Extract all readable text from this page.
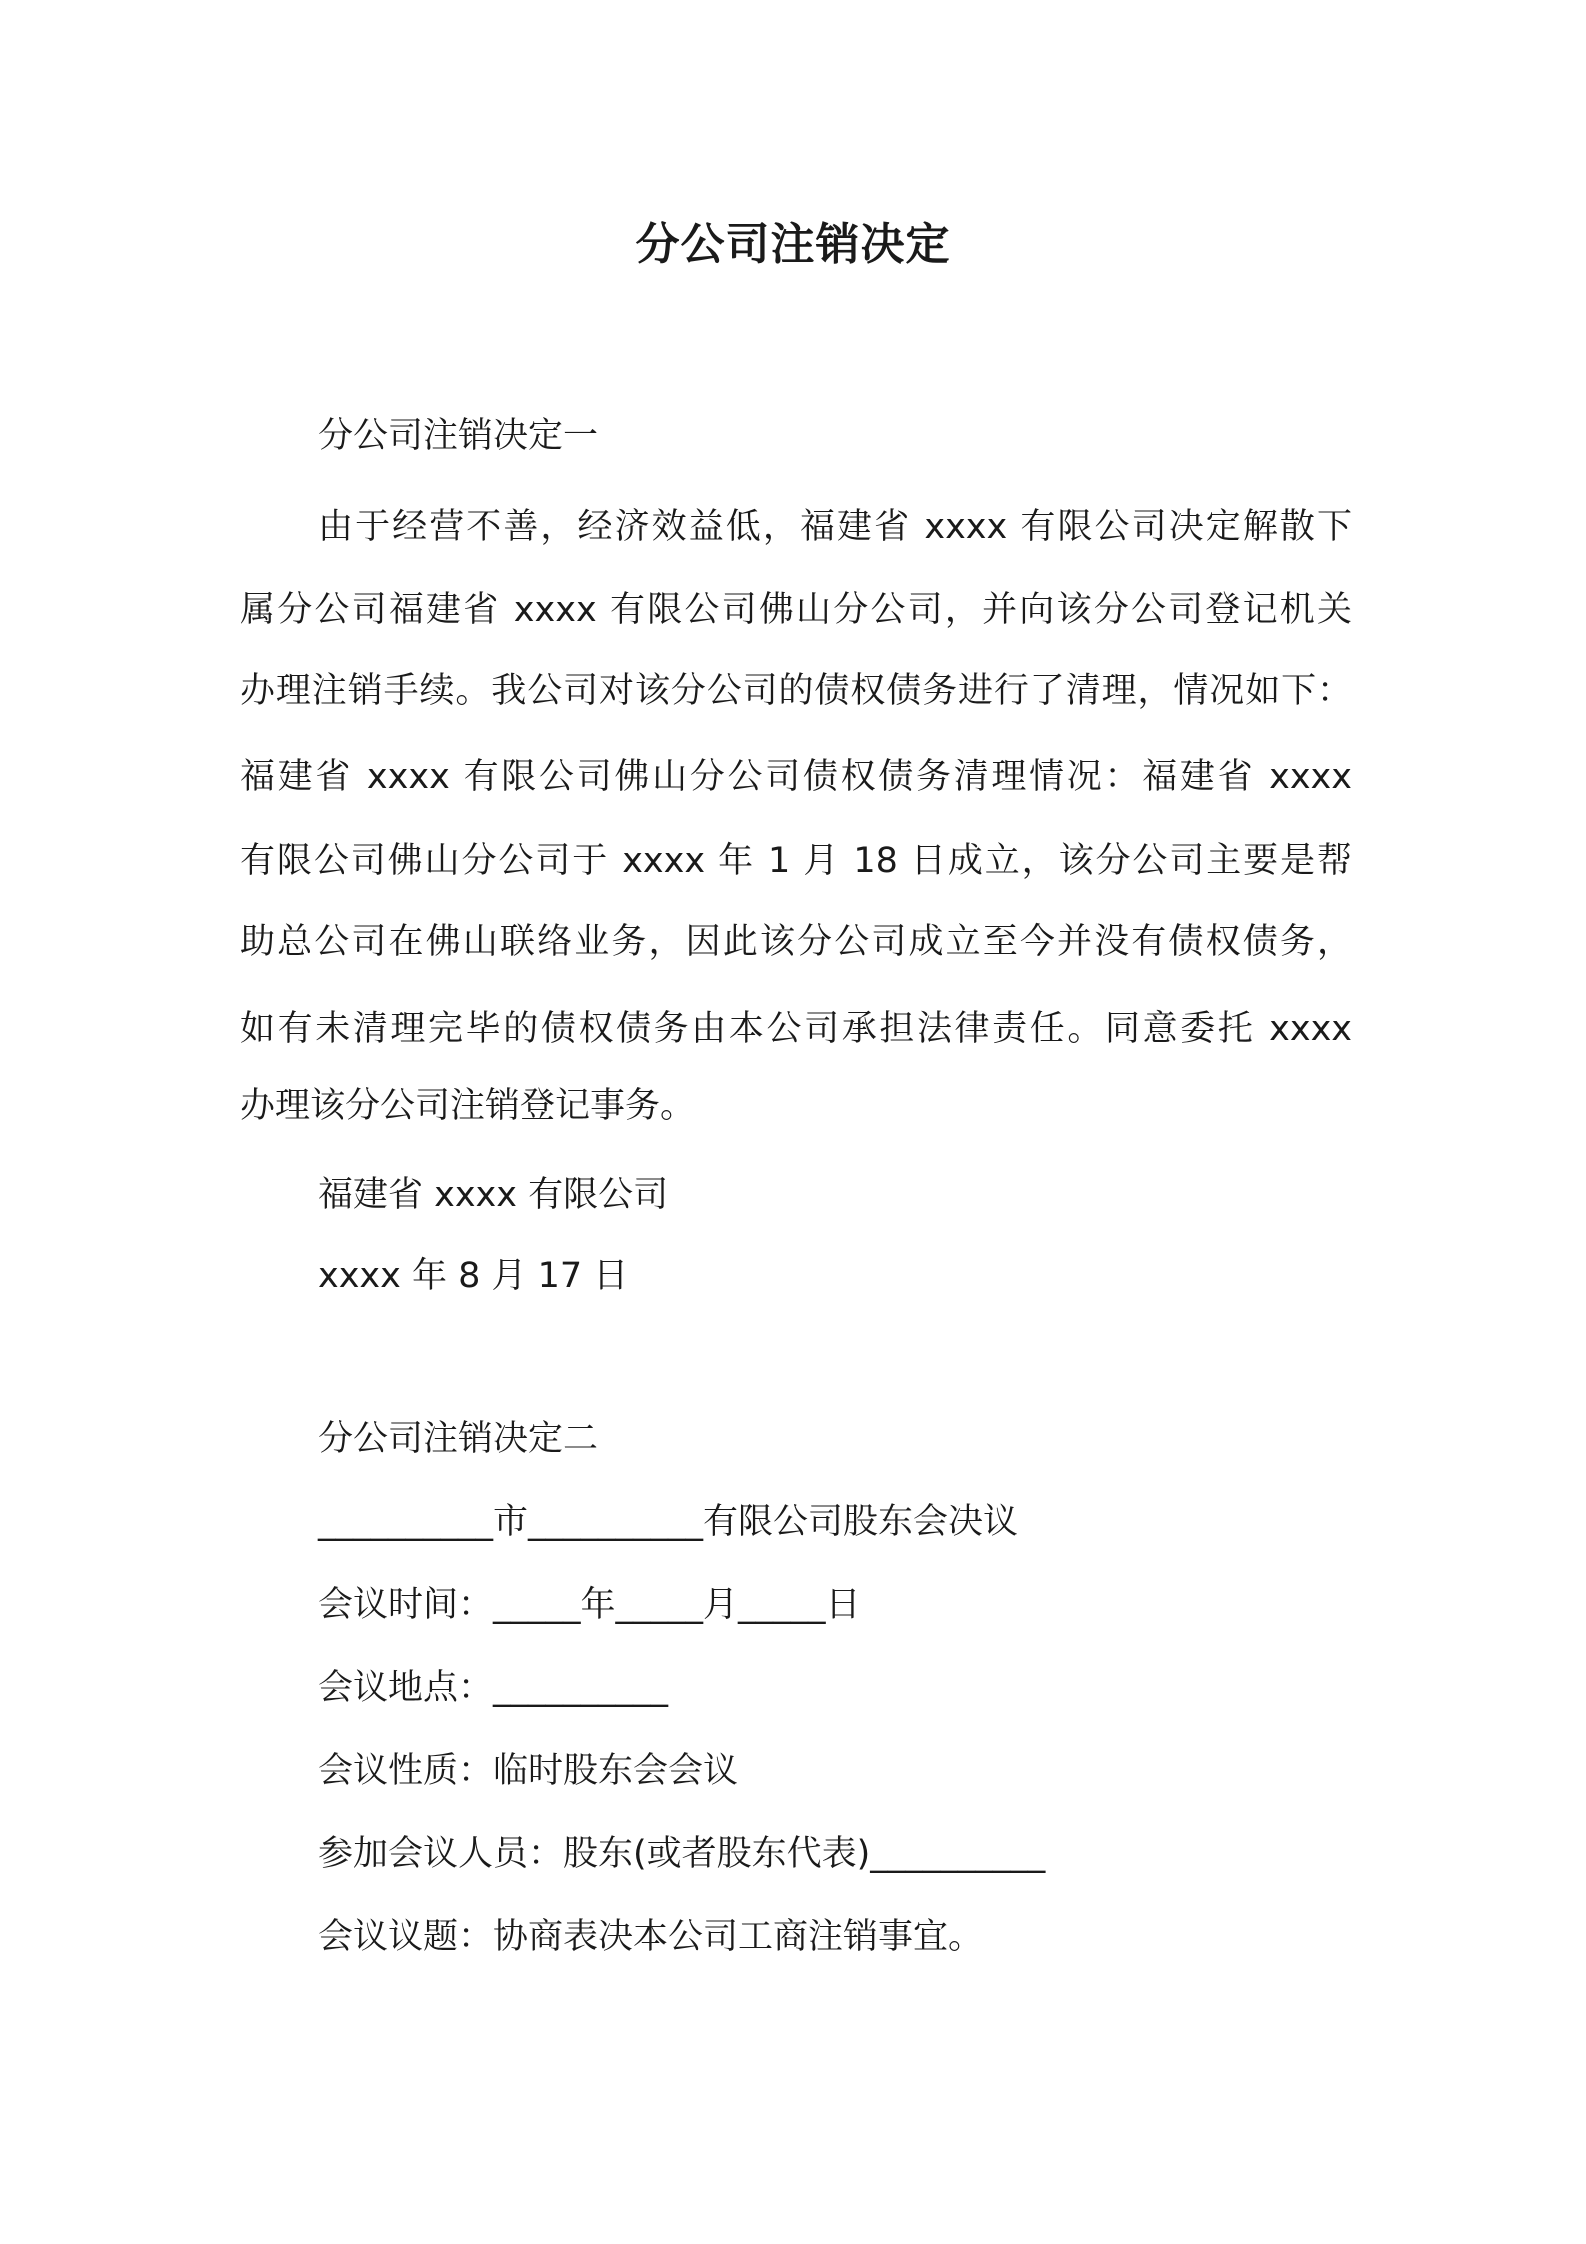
分公司注销决定
分公司注销决定一
由于经营不善，经济效益低，福建省 xxxx 有限公司决定解散下
属分公司福建省 xxxx 有限公司佛山分公司，并向该分公司登记机关
办理注销手续。我公司对该分公司的债权债务进行了清理，情况如下：
福建省 xxxx 有限公司佛山分公司债权债务清理情况：福建省 xxxx
有限公司佛山分公司于 xxxx 年 1 月 18 日成立，该分公司主要是帮
助总公司在佛山联络业务，因此该分公司成立至今并没有债权债务，
如有未清理完毕的债权债务由本公司承担法律责任。同意委托 xxxx
办理该分公司注销登记事务。
福建省 xxxx 有限公司
xxxx 年 8 月 17 日
分公司注销决定二
__________市__________有限公司股东会决议
会议时间：_____年_____月_____日
会议地点：__________
会议性质：临时股东会会议
参加会议人员：股东(或者股东代表)__________
会议议题：协商表决本公司工商注销事宜。
